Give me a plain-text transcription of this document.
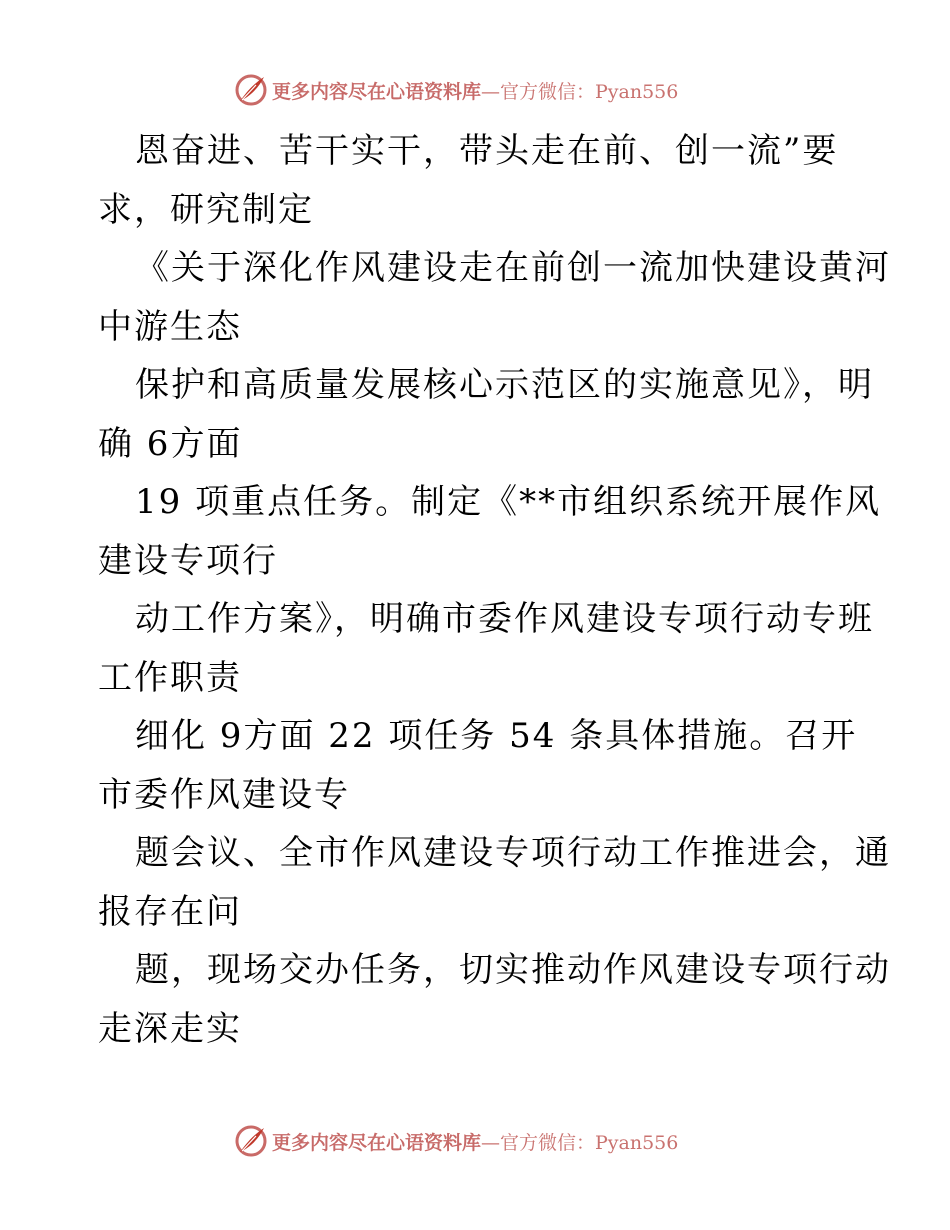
更多内容尽在心语资料库—官方微信：Pyan556
恩奋进、苦干实干，带头走在前、创一流”要
求，研究制定
《关于深化作风建设走在前创一流加快建设黄河
中游生态
保护和高质量发展核心示范区的实施意见》，明
确 6方面
19 项重点任务。制定《**市组织系统开展作风
建设专项行
动工作方案》，明确市委作风建设专项行动专班
工作职责
细化 9方面 22 项任务 54 条具体措施。召开
市委作风建设专
题会议、全市作风建设专项行动工作推进会，通
报存在问
题，现场交办任务，切实推动作风建设专项行动
走深走实
更多内容尽在心语资料库—官方微信：Pyan556
